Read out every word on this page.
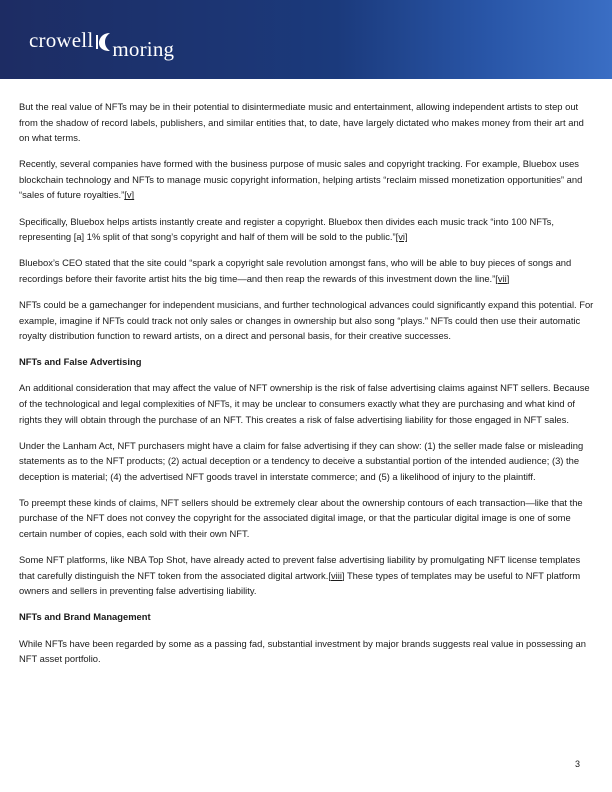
crowell moring

But the real value of NFTs may be in their potential to disintermediate music and entertainment, allowing independent artists to step out from the shadow of record labels, publishers, and similar entities that, to date, have largely dictated who makes money from their art and on what terms.

Recently, several companies have formed with the business purpose of music sales and copyright tracking. For example, Bluebox uses blockchain technology and NFTs to manage music copyright information, helping artists “reclaim missed monetization opportunities” and “sales of future royalties.”[v]

Specifically, Bluebox helps artists instantly create and register a copyright. Bluebox then divides each music track “into 100 NFTs, representing [a] 1% split of that song’s copyright and half of them will be sold to the public.”[vi]

Bluebox’s CEO stated that the site could “spark a copyright sale revolution amongst fans, who will be able to buy pieces of songs and recordings before their favorite artist hits the big time—and then reap the rewards of this investment down the line.”[vii]

NFTs could be a gamechanger for independent musicians, and further technological advances could significantly expand this potential. For example, imagine if NFTs could track not only sales or changes in ownership but also song “plays.” NFTs could then use their automatic royalty distribution function to reward artists, on a direct and personal basis, for their creative successes.

NFTs and False Advertising

An additional consideration that may affect the value of NFT ownership is the risk of false advertising claims against NFT sellers. Because of the technological and legal complexities of NFTs, it may be unclear to consumers exactly what they are purchasing and what kind of rights they will obtain through the purchase of an NFT. This creates a risk of false advertising liability for those engaged in NFT sales.

Under the Lanham Act, NFT purchasers might have a claim for false advertising if they can show: (1) the seller made false or misleading statements as to the NFT products; (2) actual deception or a tendency to deceive a substantial portion of the intended audience; (3) the deception is material; (4) the advertised NFT goods travel in interstate commerce; and (5) a likelihood of injury to the plaintiff.

To preempt these kinds of claims, NFT sellers should be extremely clear about the ownership contours of each transaction—like that the purchase of the NFT does not convey the copyright for the associated digital image, or that the particular digital image is one of some certain number of copies, each sold with their own NFT.

Some NFT platforms, like NBA Top Shot, have already acted to prevent false advertising liability by promulgating NFT license templates that carefully distinguish the NFT token from the associated digital artwork.[viii] These types of templates may be useful to NFT platform owners and sellers in preventing false advertising liability.

NFTs and Brand Management

While NFTs have been regarded by some as a passing fad, substantial investment by major brands suggests real value in possessing an NFT asset portfolio.

3
